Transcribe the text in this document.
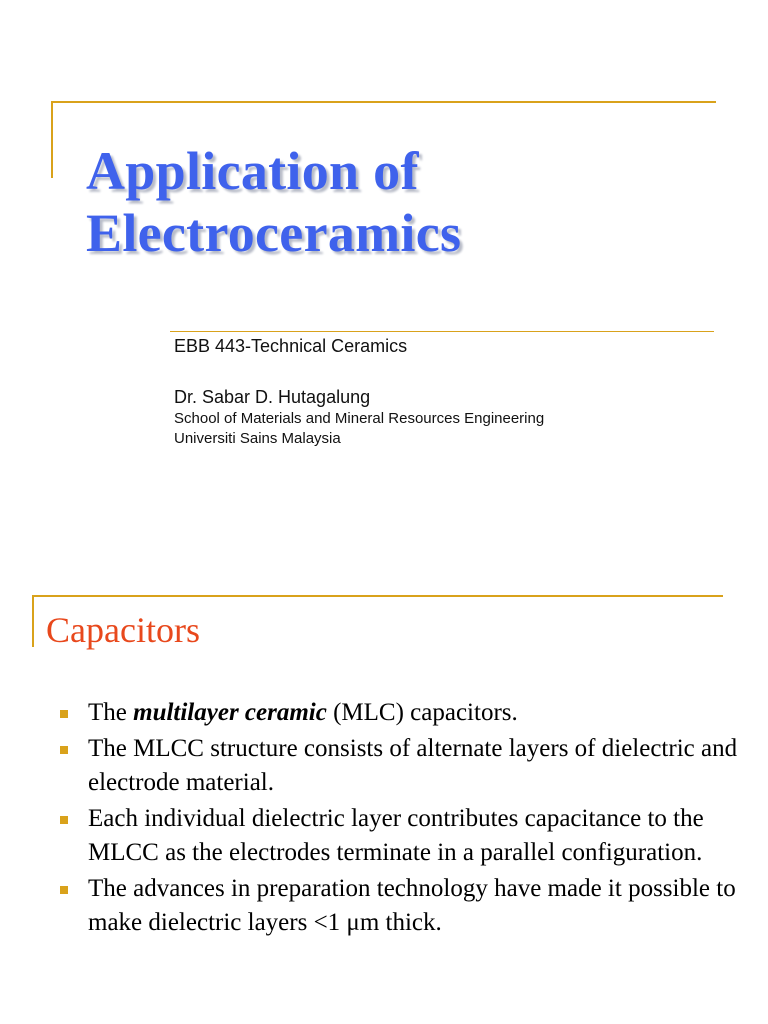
Application of
Electroceramics
EBB 443-Technical Ceramics
Dr. Sabar D. Hutagalung
School of Materials and Mineral Resources Engineering
Universiti Sains Malaysia
Capacitors
The multilayer ceramic (MLC) capacitors.
The MLCC structure consists of alternate layers of dielectric and electrode material.
Each individual dielectric layer contributes capacitance to the MLCC as the electrodes terminate in a parallel configuration.
The advances in preparation technology have made it possible to make dielectric layers <1 μm thick.
